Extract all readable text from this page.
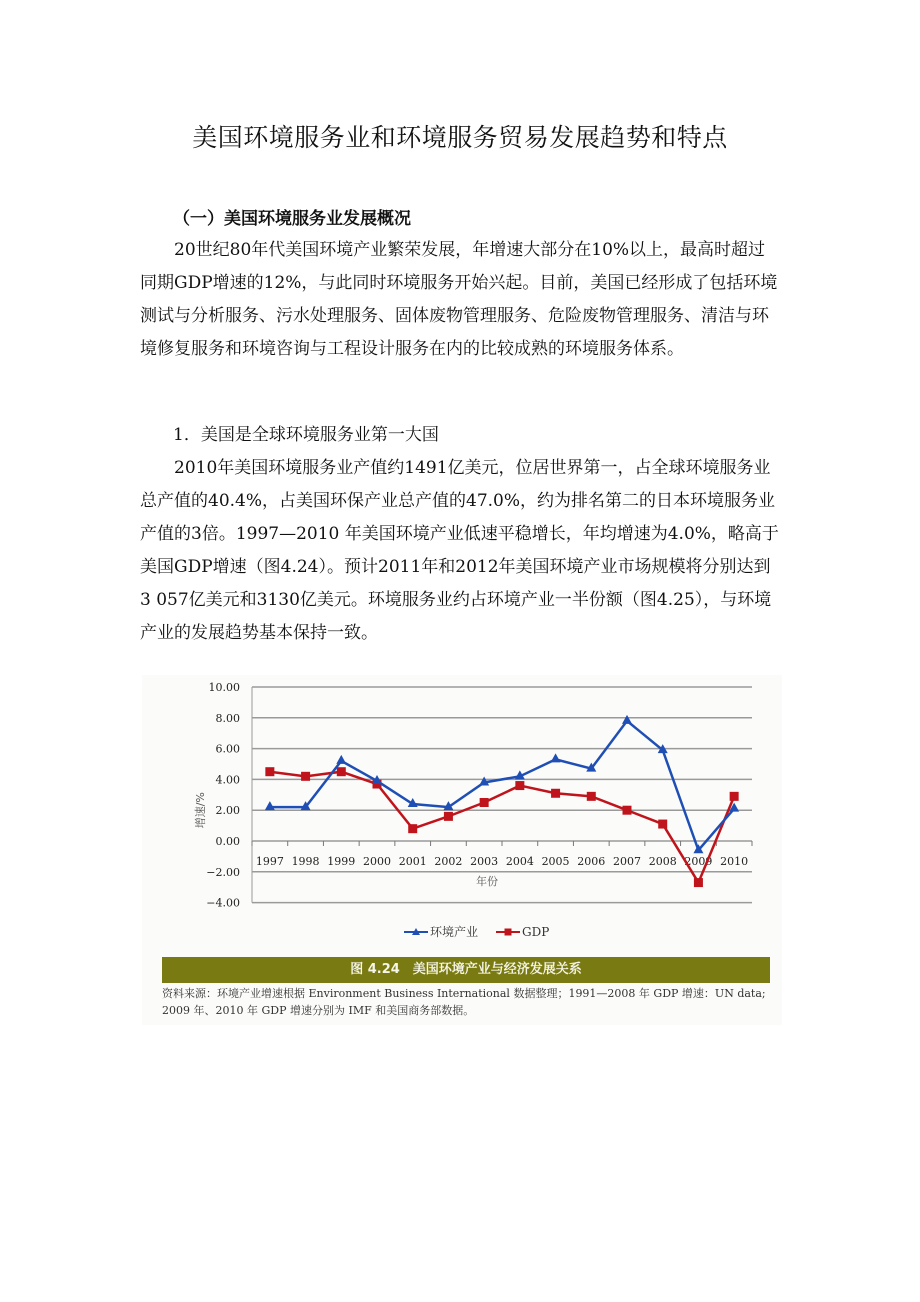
美国环境服务业和环境服务贸易发展趋势和特点
（一）美国环境服务业发展概况

20世纪80年代美国环境产业繁荣发展，年增速大部分在10%以上，最高时超过同期GDP增速的12%，与此同时环境服务开始兴起。目前，美国已经形成了包括环境测试与分析服务、污水处理服务、固体废物管理服务、危险废物管理服务、清洁与环境修复服务和环境咨询与工程设计服务在内的比较成熟的环境服务体系。

1．美国是全球环境服务业第一大国

2010年美国环境服务业产值约1491亿美元，位居世界第一，占全球环境服务业总产值的40.4%，占美国环保产业总产值的47.0%，约为排名第二的日本环境服务业产值的3倍。1997—2010 年美国环境产业低速平稳增长，年均增速为4.0%，略高于美国GDP增速（图4.24）。预计2011年和2012年美国环境产业市场规模将分别达到3 057亿美元和3130亿美元。环境服务业约占环境产业一半份额（图4.25），与环境产业的发展趋势基本保持一致。

10.00
8.00
6.00
4.00
2.00
0.00
−2.00
−4.00
1997 1998 1999 2000 2001 2002 2003 2004 2005 2006 2007 2008 2009 2010
年份
增速/%
环境产业	GDP
图 4.24　美国环境产业与经济发展关系
资料来源：环境产业增速根据 Environment Business International 数据整理；1991—2008 年 GDP 增速：UN data;
2009 年、2010 年 GDP 增速分别为 IMF 和美国商务部数据。
